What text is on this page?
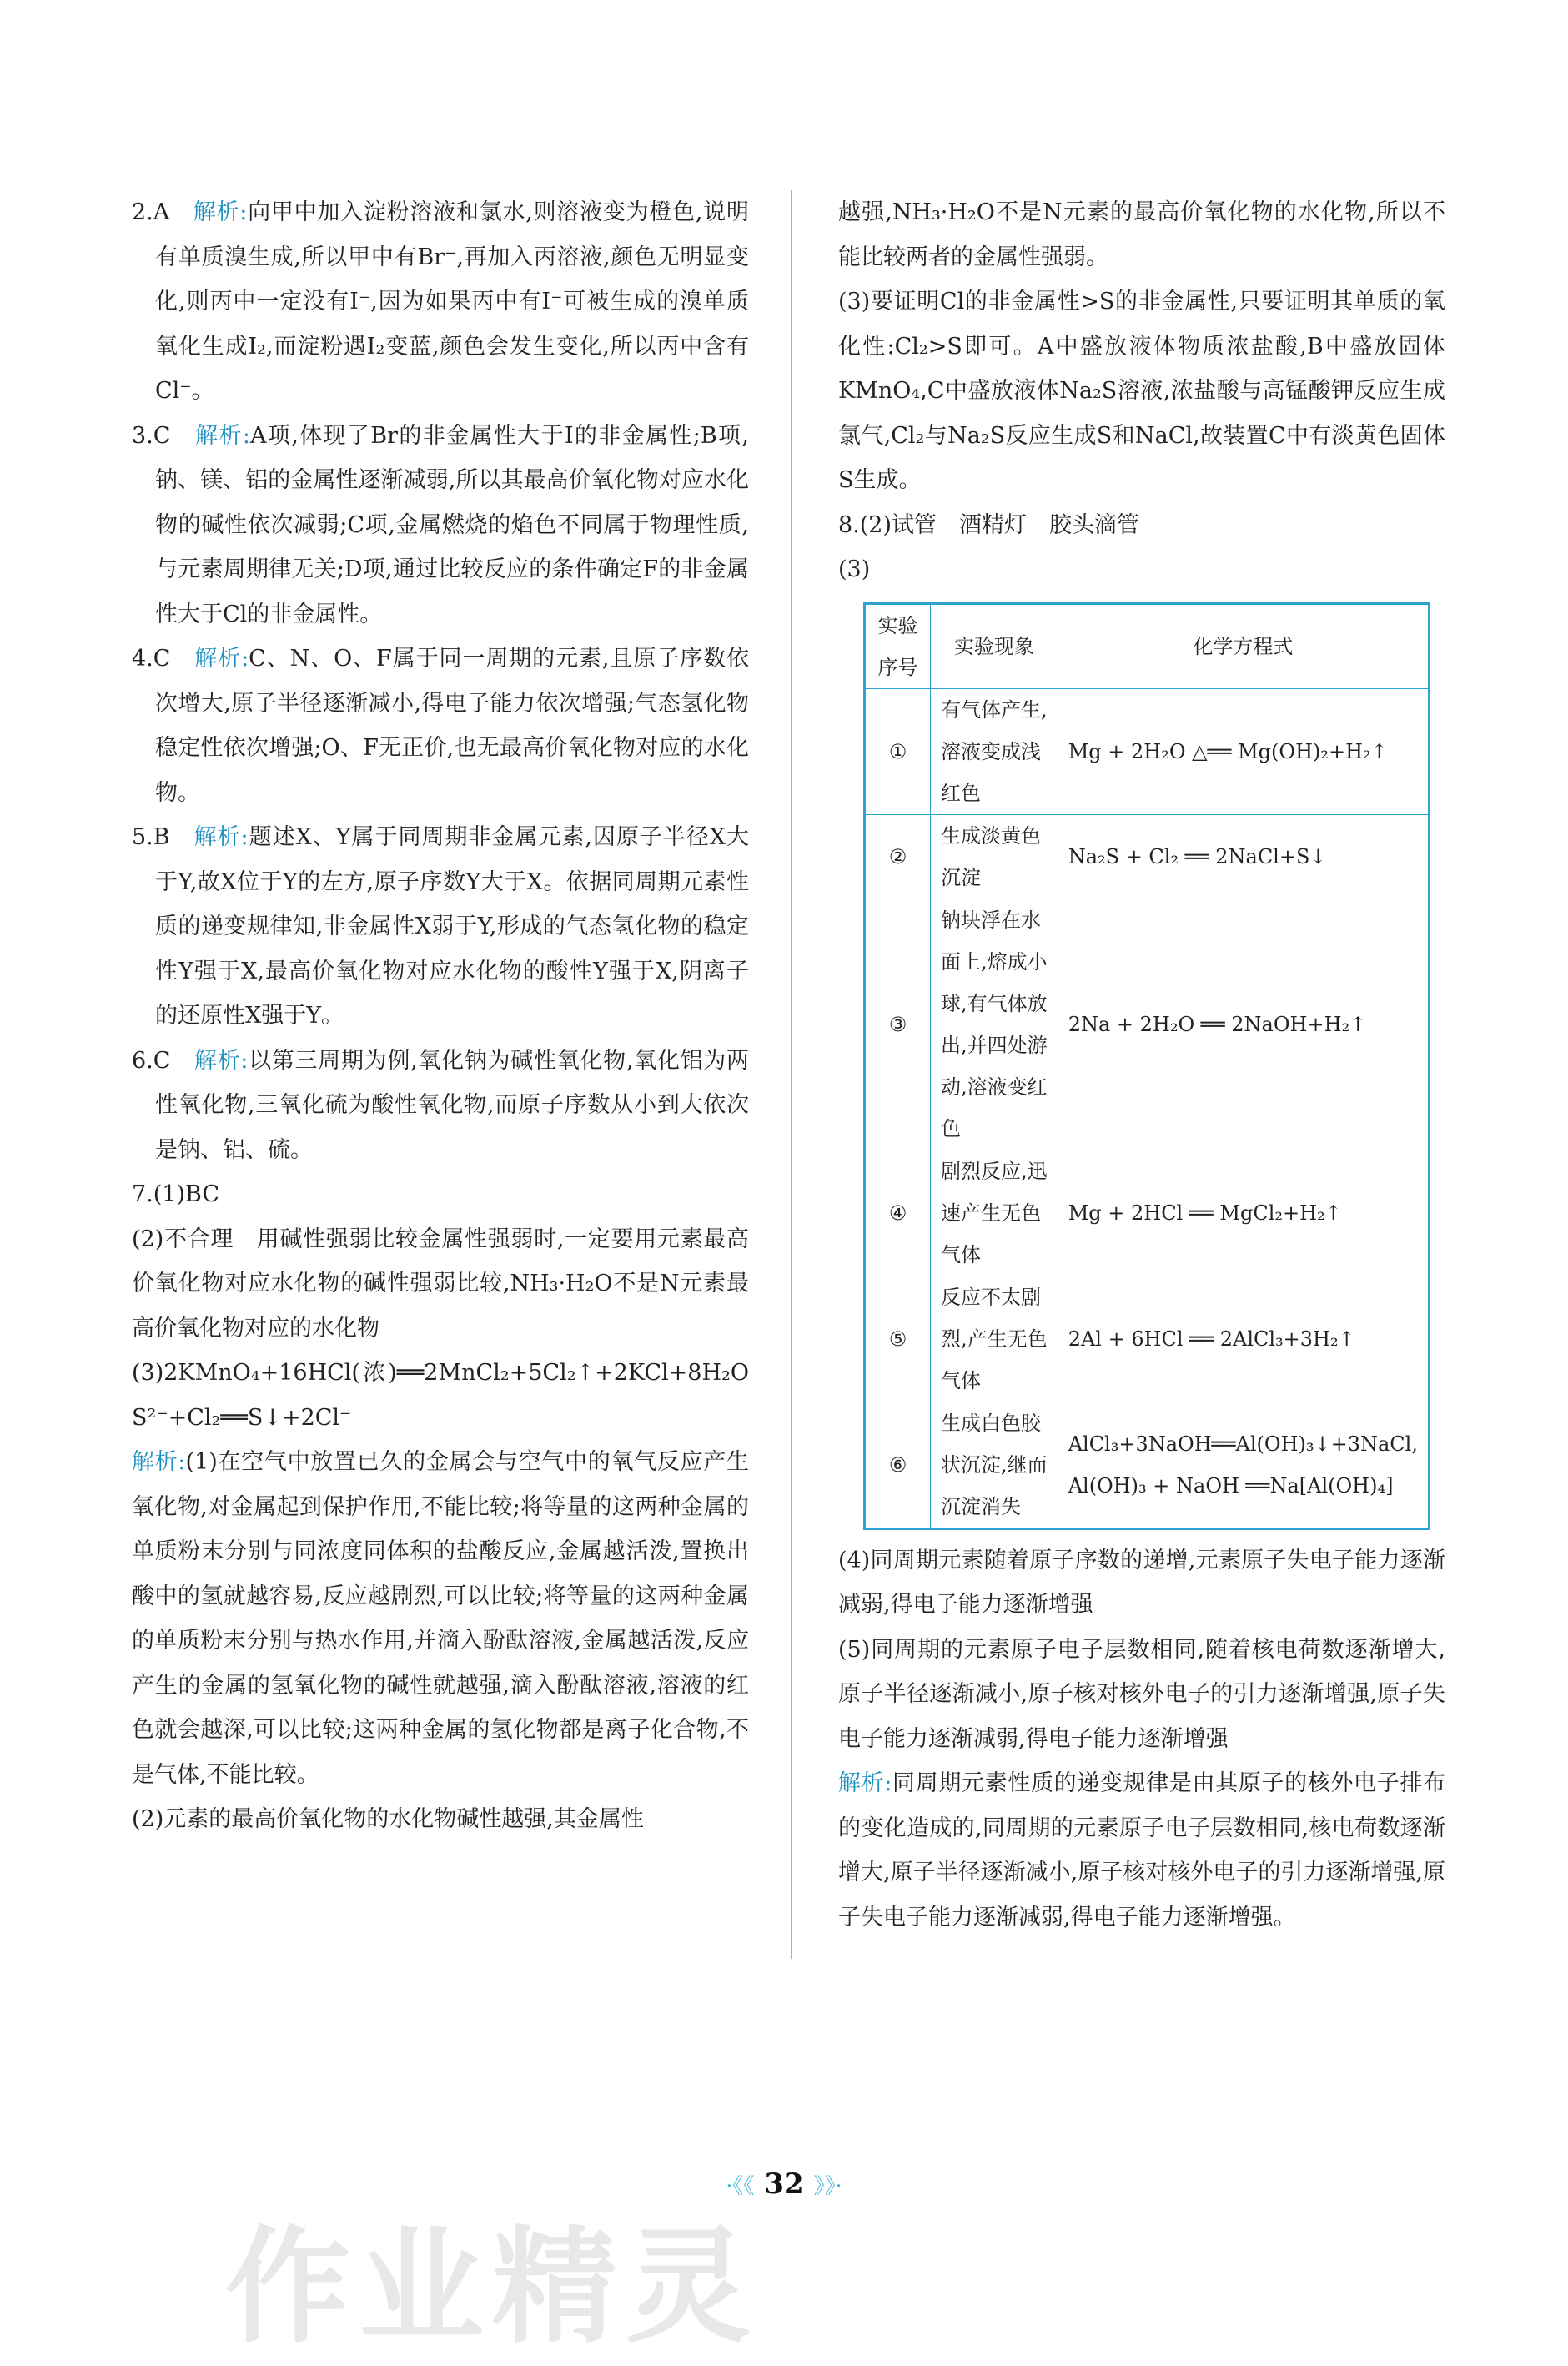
2.A　 解析:向甲中加入淀粉溶液和氯水,则溶液变为橙色,说明有单质溴生成,所以甲中有Br⁻,再加入丙溶液,颜色无明显变化,则丙中一定没有I⁻,因为如果丙中有I⁻可被生成的溴单质氧化生成I₂,而淀粉遇I₂变蓝,颜色会发生变化,所以丙中含有Cl⁻。

3.C　 解析:A项,体现了Br的非金属性大于I的非金属性;B项,钠、镁、铝的金属性逐渐减弱,所以其最高价氧化物对应水化物的碱性依次减弱;C项,金属燃烧的焰色不同属于物理性质,与元素周期律无关;D项,通过比较反应的条件确定F的非金属性大于Cl的非金属性。

4.C　 解析:C、N、O、F属于同一周期的元素,且原子序数依次增大,原子半径逐渐减小,得电子能力依次增强;气态氢化物稳定性依次增强;O、F无正价,也无最高价氧化物对应的水化物。

5.B　 解析:题述X、Y属于同周期非金属元素,因原子半径X大于Y,故X位于Y的左方,原子序数Y大于X。依据同周期元素性质的递变规律知,非金属性X弱于Y,形成的气态氢化物的稳定性Y强于X,最高价氧化物对应水化物的酸性Y强于X,阴离子的还原性X强于Y。

6.C　 解析:以第三周期为例,氧化钠为碱性氧化物,氧化铝为两性氧化物,三氧化硫为酸性氧化物,而原子序数从小到大依次是钠、铝、硫。

7.(1)BC

(2)不合理　用碱性强弱比较金属性强弱时,一定要用元素最高价氧化物对应水化物的碱性强弱比较,NH₃·H₂O不是N元素最高价氧化物对应的水化物

(3)2KMnO₄+16HCl(浓)══2MnCl₂+5Cl₂↑+2KCl+8H₂O　S²⁻+Cl₂══S↓+2Cl⁻

解析:(1)在空气中放置已久的金属会与空气中的氧气反应产生氧化物,对金属起到保护作用,不能比较;将等量的这两种金属的单质粉末分别与同浓度同体积的盐酸反应,金属越活泼,置换出酸中的氢就越容易,反应越剧烈,可以比较;将等量的这两种金属的单质粉末分别与热水作用,并滴入酚酞溶液,金属越活泼,反应产生的金属的氢氧化物的碱性就越强,滴入酚酞溶液,溶液的红色就会越深,可以比较;这两种金属的氢化物都是离子化合物,不是气体,不能比较。

(2)元素的最高价氧化物的水化物碱性越强,其金属性

越强,NH₃·H₂O不是N元素的最高价氧化物的水化物,所以不能比较两者的金属性强弱。

(3)要证明Cl的非金属性>S的非金属性,只要证明其单质的氧化性:Cl₂>S即可。A中盛放液体物质浓盐酸,B中盛放固体KMnO₄,C中盛放液体Na₂S溶液,浓盐酸与高锰酸钾反应生成氯气,Cl₂与Na₂S反应生成S和NaCl,故装置C中有淡黄色固体S生成。

8.(2)试管　酒精灯　胶头滴管

(3)

实验序号	实验现象	化学方程式
①	有气体产生,溶液变成浅红色	Mg + 2H₂O △══ Mg(OH)₂+H₂↑
②	生成淡黄色沉淀	Na₂S + Cl₂ ══ 2NaCl+S↓
③	钠块浮在水面上,熔成小球,有气体放出,并四处游动,溶液变红色	2Na + 2H₂O ══ 2NaOH+H₂↑
④	剧烈反应,迅速产生无色气体	Mg + 2HCl ══ MgCl₂+H₂↑
⑤	反应不太剧烈,产生无色气体	2Al + 6HCl ══ 2AlCl₃+3H₂↑
⑥	生成白色胶状沉淀,继而沉淀消失	AlCl₃+3NaOH══Al(OH)₃↓+3NaCl, Al(OH)₃ + NaOH ══Na[Al(OH)₄]

(4)同周期元素随着原子序数的递增,元素原子失电子能力逐渐减弱,得电子能力逐渐增强

(5)同周期的元素原子电子层数相同,随着核电荷数逐渐增大,原子半径逐渐减小,原子核对核外电子的引力逐渐增强,原子失电子能力逐渐减弱,得电子能力逐渐增强

解析:同周期元素性质的递变规律是由其原子的核外电子排布的变化造成的,同周期的元素原子电子层数相同,核电荷数逐渐增大,原子半径逐渐减小,原子核对核外电子的引力逐渐增强,原子失电子能力逐渐减弱,得电子能力逐渐增强。

·《《 32 》》·
作业精灵
